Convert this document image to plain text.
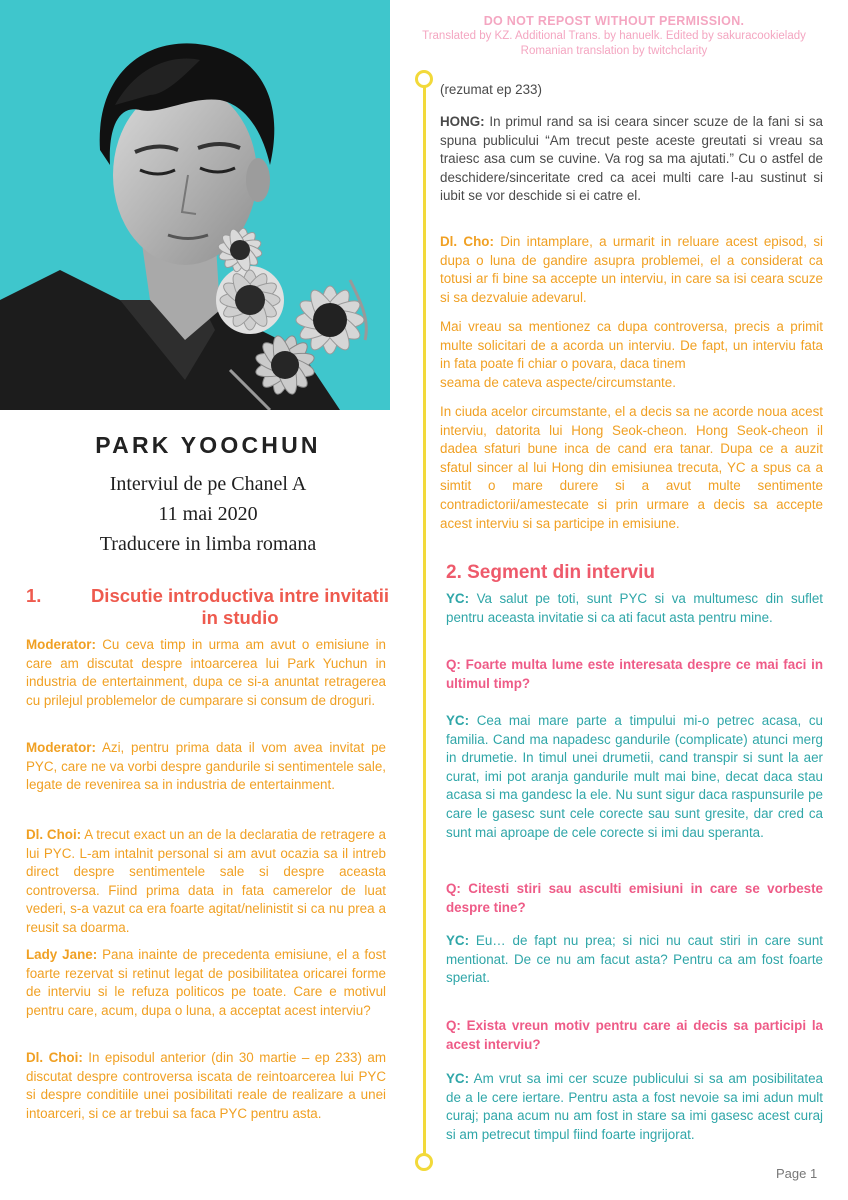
DO NOT REPOST WITHOUT PERMISSION.
Translated by KZ. Additional Trans. by hanuelk. Edited by sakuracookielady
Romanian translation by twitchclarity
PARK YOOCHUN
Interviul de pe Chanel A
11 mai 2020
Traducere in limba romana
1.	Discutie introductiva intre invitatii in studio
Moderator: Cu ceva timp in urma am avut o emisiune in care am discutat despre intoarcerea lui Park Yuchun in industria de entertainment, dupa ce si-a anuntat retragerea cu prilejul problemelor de cumparare si consum de droguri.
Moderator: Azi, pentru prima data il vom avea invitat pe PYC, care ne va vorbi despre gandurile si sentimentele sale, legate de revenirea sa in industria de entertainment.
Dl. Choi: A trecut exact un an de la declaratia de retragere a lui PYC. L-am intalnit personal si am avut ocazia sa il intreb direct despre sentimentele sale si despre aceasta controversa. Fiind prima data in fata camerelor de luat vederi, s-a vazut ca era foarte agitat/nelinistit si ca nu prea a reusit sa doarma.
Lady Jane: Pana inainte de precedenta emisiune, el a fost foarte rezervat si retinut legat de posibilitatea oricarei forme de interviu si le refuza politicos pe toate. Care e motivul pentru care, acum, dupa o luna, a acceptat acest interviu?
Dl. Choi: In episodul anterior (din 30 martie – ep 233) am discutat despre controversa iscata de reintoarcerea lui PYC si despre conditiile unei posibilitati reale de realizare a unei intoarceri, si ce ar trebui sa faca PYC pentru asta.
(rezumat ep 233)
HONG: In primul rand sa isi ceara sincer scuze de la fani si sa spuna publicului “Am trecut peste aceste greutati si vreau sa traiesc asa cum se cuvine. Va rog sa ma ajutati.” Cu o astfel de deschidere/sinceritate cred ca acei multi care l-au sustinut si iubit se vor deschide si ei catre el.
Dl. Cho: Din intamplare, a urmarit in reluare acest episod, si dupa o luna de gandire asupra problemei, el a considerat ca totusi ar fi bine sa accepte un interviu, in care sa isi ceara scuze si sa dezvaluie adevarul.
Mai vreau sa mentionez ca dupa controversa, precis a primit multe solicitari de a acorda un interviu. De fapt, un interviu fata in fata poate fi chiar o povara, daca tinem
seama de cateva aspecte/circumstante.
In ciuda acelor circumstante, el a decis sa ne acorde noua acest interviu, datorita lui Hong Seok-cheon. Hong Seok-cheon il dadea sfaturi bune inca de cand era tanar. Dupa ce a auzit sfatul sincer al lui Hong din emisiunea trecuta, YC a spus ca a simtit o mare durere si a avut multe sentimente contradictorii/amestecate si prin urmare a decis sa accepte acest interviu si sa participe in emisiune.
2. Segment din interviu
YC: Va salut pe toti, sunt PYC si va multumesc din suflet pentru aceasta invitatie si ca ati facut asta pentru mine.
Q: Foarte multa lume este interesata despre ce mai faci in ultimul timp?
YC: Cea mai mare parte a timpului mi-o petrec acasa, cu familia. Cand ma napadesc gandurile (complicate) atunci merg in drumetie. In timul unei drumetii, cand transpir si sunt la aer curat, imi pot aranja gandurile mult mai bine, decat daca stau acasa si ma gandesc la ele. Nu sunt sigur daca raspunsurile pe care le gasesc sunt cele corecte sau sunt gresite, dar cred ca sunt mai aproape de cele corecte si imi dau speranta.
Q: Citesti stiri sau asculti emisiuni in care se vorbeste despre tine?
YC: Eu… de fapt nu prea; si nici nu caut stiri in care sunt mentionat. De ce nu am facut asta? Pentru ca am fost foarte speriat.
Q: Exista vreun motiv pentru care ai decis sa participi la acest interviu?
YC: Am vrut sa imi cer scuze publicului si sa am posibilitatea de a le cere iertare. Pentru asta a fost nevoie sa imi adun mult curaj; pana acum nu am fost in stare sa imi gasesc acest curaj si am petrecut timpul fiind foarte ingrijorat.
Page 1
